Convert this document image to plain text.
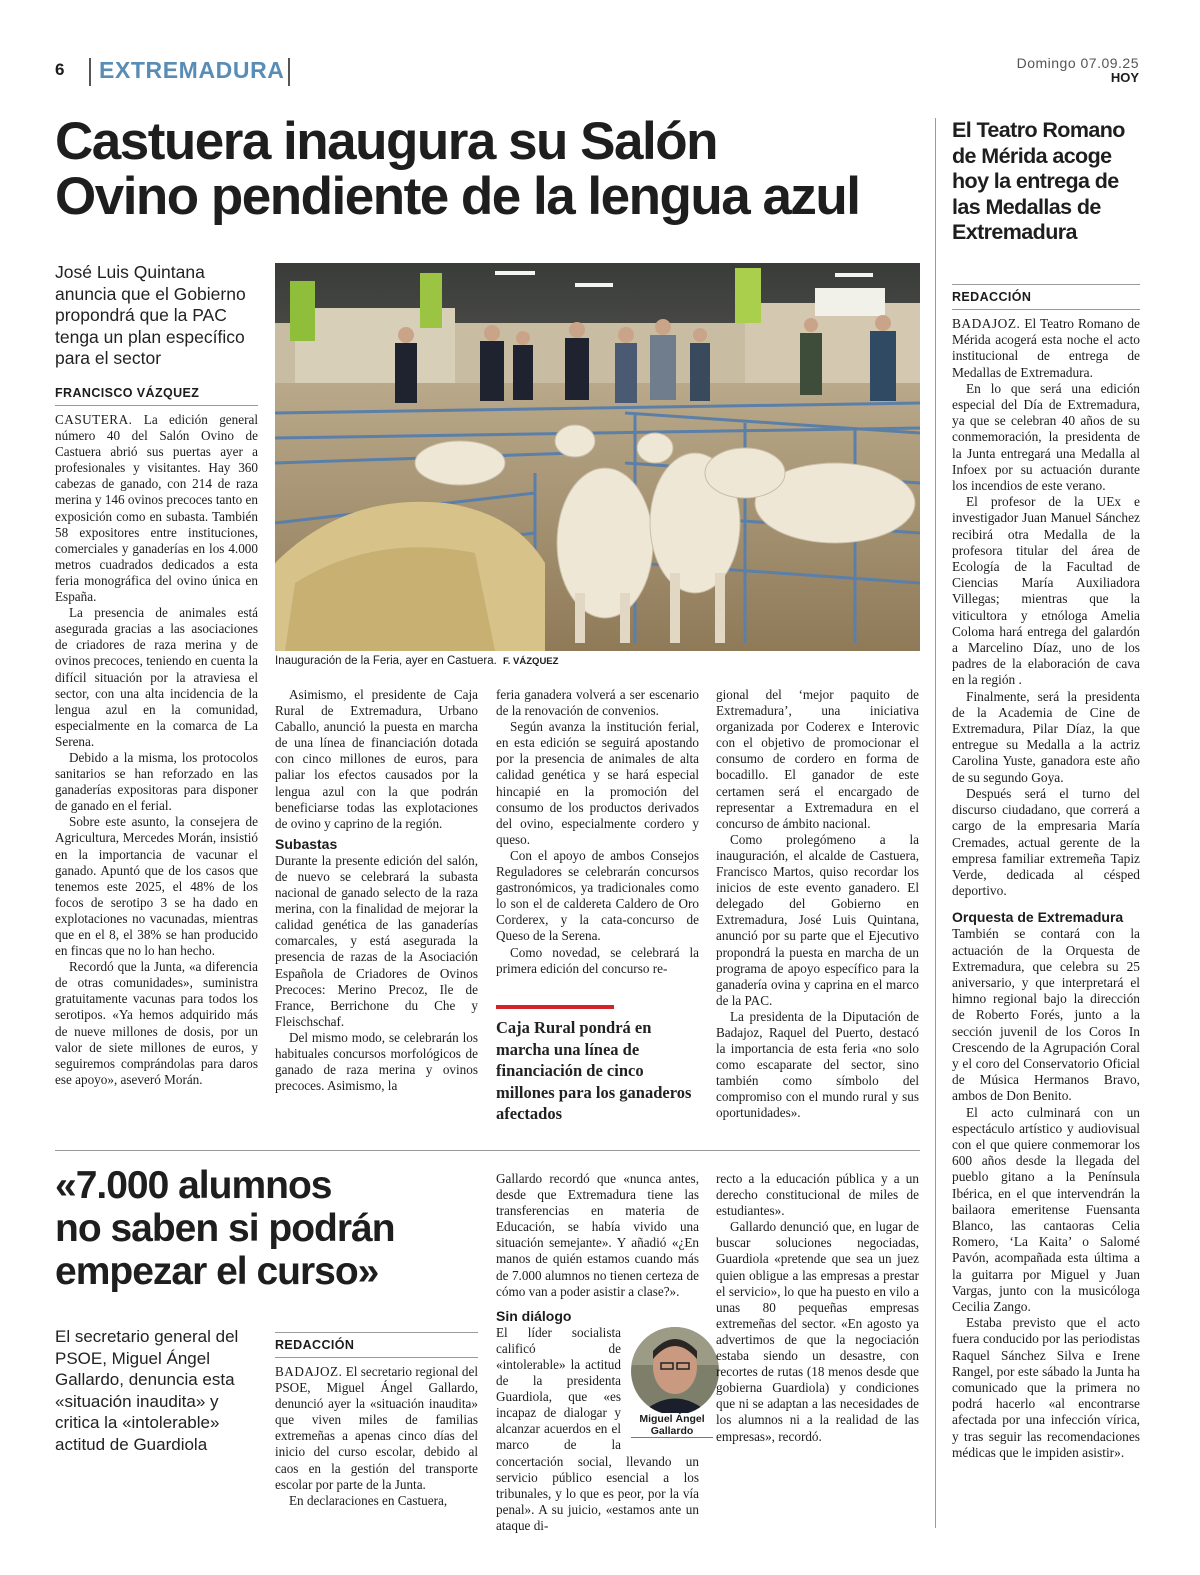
6 EXTREMADURA	Domingo 07.09.25
HOY
Castuera inaugura su Salón
Ovino pendiente de la lengua azul
José Luis Quintana anuncia que el Gobierno propondrá que la PAC tenga un plan específico para el sector
FRANCISCO VÁZQUEZ
Inauguración de la Feria, ayer en Castuera. F. VÁZQUEZ

CASUTERA. La edición general número 40 del Salón Ovino de Castuera abrió sus puertas ayer a profesionales y visitantes. Hay 360 cabezas de ganado, con 214 de raza merina y 146 ovinos precoces tanto en exposición como en subasta. También 58 expositores entre instituciones, comerciales y ganaderías en los 4.000 metros cuadrados dedicados a esta feria monográfica del ovino única en España.

La presencia de animales está asegurada gracias a las asociaciones de criadores de raza merina y de ovinos precoces, teniendo en cuenta la difícil situación por la atraviesa el sector, con una alta incidencia de la lengua azul en la comunidad, especialmente en la comarca de La Serena.

Debido a la misma, los protocolos sanitarios se han reforzado en las ganaderías expositoras para disponer de ganado en el ferial.

Sobre este asunto, la consejera de Agricultura, Mercedes Morán, insistió en la importancia de vacunar el ganado. Apuntó que de los casos que tenemos este 2025, el 48% de los focos de serotipo 3 se ha dado en explotaciones no vacunadas, mientras que en el 8, el 38% se han producido en fincas que no lo han hecho.

Recordó que la Junta, «a diferencia de otras comunidades», suministra gratuitamente vacunas para todos los serotipos. «Ya hemos adquirido más de nueve millones de dosis, por un valor de siete millones de euros, y seguiremos comprándolas para daros ese apoyo», aseveró Morán.

Asimismo, el presidente de Caja Rural de Extremadura, Urbano Caballo, anunció la puesta en marcha de una línea de financiación dotada con cinco millones de euros, para paliar los efectos causados por la lengua azul con la que podrán beneficiarse todas las explotaciones de ovino y caprino de la región.

Subastas

Durante la presente edición del salón, de nuevo se celebrará la subasta nacional de ganado selecto de la raza merina, con la finalidad de mejorar la calidad genética de las ganaderías comarcales, y está asegurada la presencia de razas de la Asociación Española de Criadores de Ovinos Precoces: Merino Precoz, Ile de France, Berrichone du Che y Fleischschaf.

Del mismo modo, se celebrarán los habituales concursos morfológicos de ganado de raza merina y ovinos precoces. Asimismo, la

feria ganadera volverá a ser escenario de la renovación de convenios.

Según avanza la institución ferial, en esta edición se seguirá apostando por la presencia de animales de alta calidad genética y se hará especial hincapié en la promoción del consumo de los productos derivados del ovino, especialmente cordero y queso.

Con el apoyo de ambos Consejos Reguladores se celebrarán concursos gastronómicos, ya tradicionales como lo son el de caldereta Caldero de Oro Corderex, y la cata-concurso de Queso de la Serena.

Como novedad, se celebrará la primera edición del concurso re-

Caja Rural pondrá en marcha una línea de financiación de cinco millones para los ganaderos afectados

gional del ‘mejor paquito de Extremadura’, una iniciativa organizada por Coderex e Interovic con el objetivo de promocionar el consumo de cordero en forma de bocadillo. El ganador de este certamen será el encargado de representar a Extremadura en el concurso de ámbito nacional.

Como prolegómeno a la inauguración, el alcalde de Castuera, Francisco Martos, quiso recordar los inicios de este evento ganadero. El delegado del Gobierno en Extremadura, José Luis Quintana, anunció por su parte que el Ejecutivo propondrá la puesta en marcha de un programa de apoyo específico para la ganadería ovina y caprina en el marco de la PAC.

La presidenta de la Diputación de Badajoz, Raquel del Puerto, destacó la importancia de esta feria «no solo como escaparate del sector, sino también como símbolo del compromiso con el mundo rural y sus oportunidades».

El Teatro Romano de Mérida acoge hoy la entrega de las Medallas de Extremadura
REDACCIÓN

BADAJOZ. El Teatro Romano de Mérida acogerá esta noche el acto institucional de entrega de Medallas de Extremadura.

En lo que será una edición especial del Día de Extremadura, ya que se celebran 40 años de su conmemoración, la presidenta de la Junta entregará una Medalla al Infoex por su actuación durante los incendios de este verano.

El profesor de la UEx e investigador Juan Manuel Sánchez recibirá otra Medalla de la profesora titular del área de Ecología de la Facultad de Ciencias María Auxiliadora Villegas; mientras que la viticultora y etnóloga Amelia Coloma hará entrega del galardón a Marcelino Díaz, uno de los padres de la elaboración de cava en la región .

Finalmente, será la presidenta de la Academia de Cine de Extremadura, Pilar Díaz, la que entregue su Medalla a la actriz Carolina Yuste, ganadora este año de su segundo Goya.

Después será el turno del discurso ciudadano, que correrá a cargo de la empresaria María Cremades, actual gerente de la empresa familiar extremeña Tapiz Verde, dedicada al césped deportivo.

Orquesta de Extremadura

También se contará con la actuación de la Orquesta de Extremadura, que celebra su 25 aniversario, y que interpretará el himno regional bajo la dirección de Roberto Forés, junto a la sección juvenil de los Coros In Crescendo de la Agrupación Coral y el coro del Conservatorio Oficial de Música Hermanos Bravo, ambos de Don Benito.

El acto culminará con un espectáculo artístico y audiovisual con el que quiere conmemorar los 600 años desde la llegada del pueblo gitano a la Península Ibérica, en el que intervendrán la bailaora emeritense Fuensanta Blanco, las cantaoras Celia Romero, ‘La Kaita’ o Salomé Pavón, acompañada esta última a la guitarra por Miguel y Juan Vargas, junto con la musicóloga Cecilia Zango.

Estaba previsto que el acto fuera conducido por las periodistas Raquel Sánchez Silva e Irene Rangel, por este sábado la Junta ha comunicado que la primera no podrá hacerlo «al encontrarse afectada por una infección vírica, y tras seguir las recomendaciones médicas que le impiden asistir».

«7.000 alumnos
no saben si podrán
empezar el curso»
El secretario general del PSOE, Miguel Ángel Gallardo, denuncia esta «situación inaudita» y critica la «intolerable» actitud de Guardiola
REDACCIÓN

BADAJOZ. El secretario regional del PSOE, Miguel Ángel Gallardo, denunció ayer la «situación inaudita» que viven miles de familias extremeñas a apenas cinco días del inicio del curso escolar, debido al caos en la gestión del transporte escolar por parte de la Junta.

En declaraciones en Castuera,

Gallardo recordó que «nunca antes, desde que Extremadura tiene las transferencias en materia de Educación, se había vivido una situación semejante». Y añadió «¿En manos de quién estamos cuando más de 7.000 alumnos no tienen certeza de cómo van a poder asistir a clase?».

Sin diálogo
Miguel Ángel Gallardo

El líder socialista calificó de «intolerable» la actitud de la presidenta Guardiola, que «es incapaz de dialogar y alcanzar acuerdos en el marco de la concertación social, llevando un servicio público esencial a los tribunales, y lo que es peor, por la vía penal». A su juicio, «estamos ante un ataque di-

recto a la educación pública y a un derecho constitucional de miles de estudiantes».

Gallardo denunció que, en lugar de buscar soluciones negociadas, Guardiola «pretende que sea un juez quien obligue a las empresas a prestar el servicio», lo que ha puesto en vilo a unas 80 pequeñas empresas extremeñas del sector. «En agosto ya advertimos de que la negociación estaba siendo un desastre, con recortes de rutas (18 menos desde que gobierna Guardiola) y condiciones que ni se adaptan a las necesidades de los alumnos ni a la realidad de las empresas», recordó.
